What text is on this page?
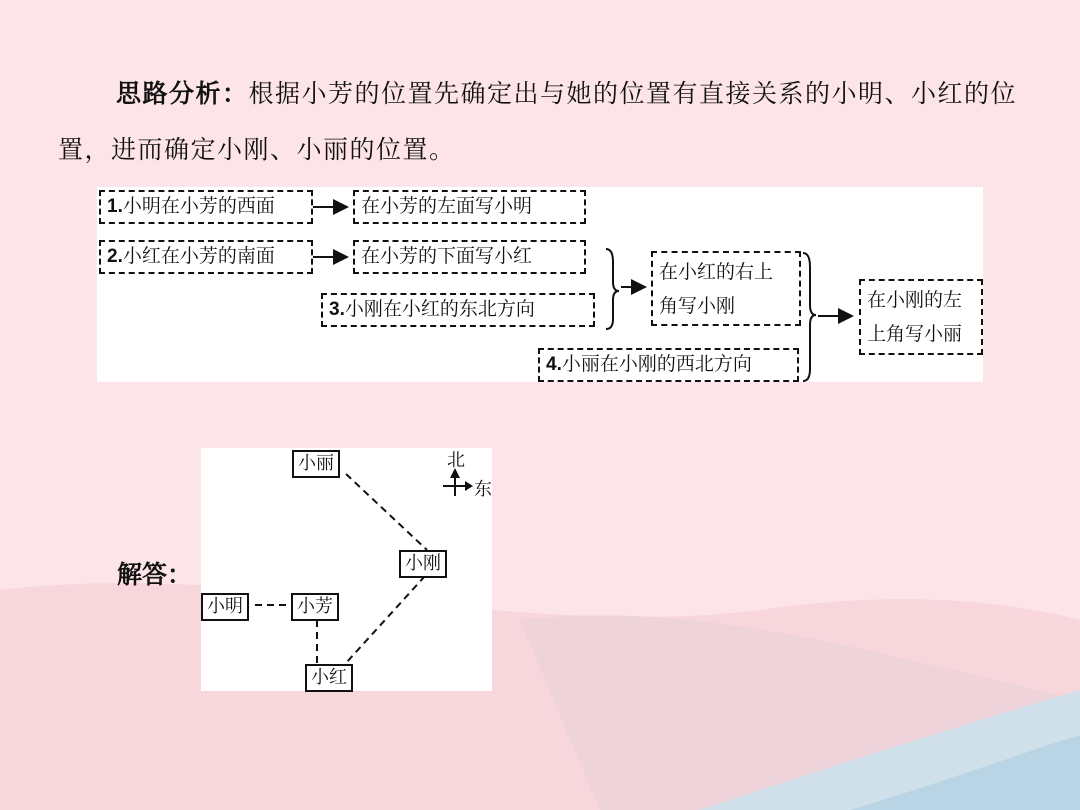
思路分析：根据小芳的位置先确定出与她的位置有直接关系的小明、小红的位置，进而确定小刚、小丽的位置。
1.小明在小芳的西面	在小芳的左面写小明
2.小红在小芳的南面	在小芳的下面写小红
3.小刚在小红的东北方向
在小红的右上
角写小刚
4.小丽在小刚的西北方向
在小刚的左
上角写小丽
解答：
北
东
小丽
小刚
小明	小芳
小红
